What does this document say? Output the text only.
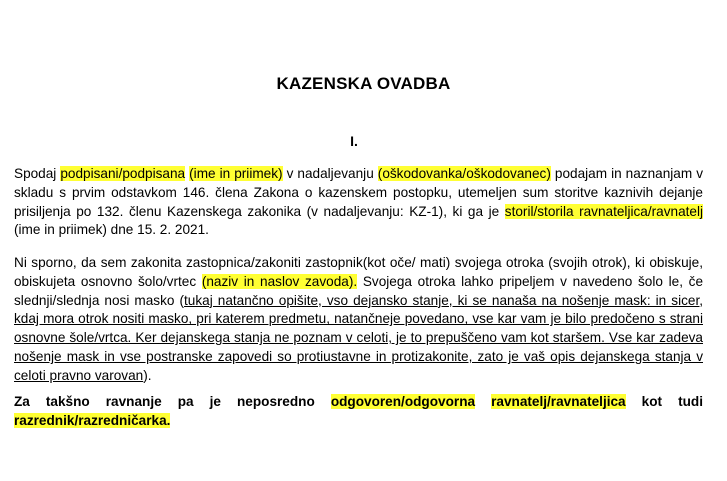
KAZENSKA OVADBA
I.
Spodaj podpisani/podpisana (ime in priimek) v nadaljevanju (oškodovanka/oškodovanec) podajam in naznanjam v skladu s prvim odstavkom 146. člena Zakona o kazenskem postopku, utemeljen sum storitve kaznivih dejanje prisiljenja po 132. členu Kazenskega zakonika (v nadaljevanju: KZ-1), ki ga je storil/storila ravnateljica/ravnatelj (ime in priimek) dne 15. 2. 2021.
Ni sporno, da sem zakonita zastopnica/zakoniti zastopnik(kot oče/ mati) svojega otroka (svojih otrok), ki obiskuje, obiskujeta osnovno šolo/vrtec (naziv in naslov zavoda). Svojega otroka lahko pripeljem v navedeno šolo le, če slednji/slednja nosi masko (tukaj natančno opišite, vso dejansko stanje, ki se nanaša na nošenje mask: in sicer, kdaj mora otrok nositi masko, pri katerem predmetu, natančneje povedano, vse kar vam je bilo predočeno s strani osnovne šole/vrtca. Ker dejanskega stanja ne poznam v celoti, je to prepuščeno vam kot staršem. Vse kar zadeva nošenje mask in vse postranske zapovedi so protiustavne in protizakonite, zato je vaš opis dejanskega stanja v celoti pravno varovan).
Za takšno ravnanje pa je neposredno odgovoren/odgovorna ravnatelj/ravnateljica kot tudi razrednik/razredničarka.
